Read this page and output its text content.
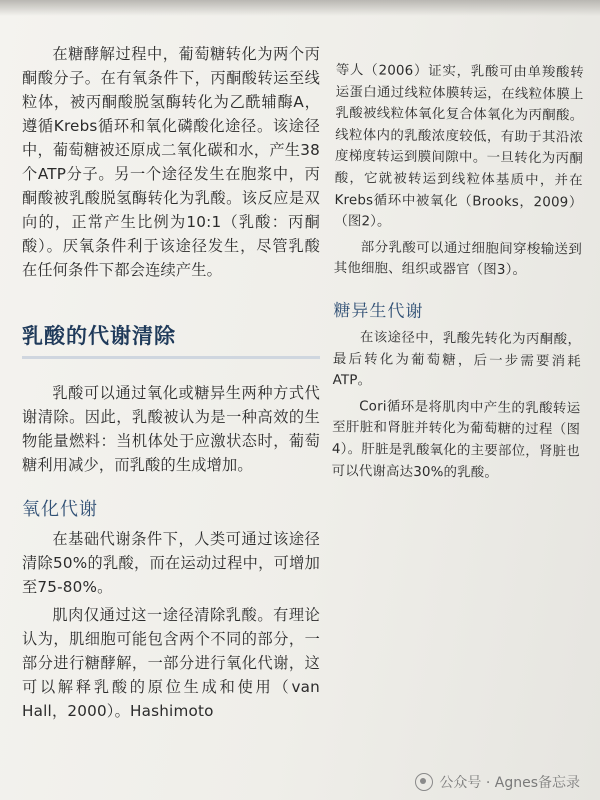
在糖酵解过程中，葡萄糖转化为两个丙酮酸分子。在有氧条件下，丙酮酸转运至线粒体，被丙酮酸脱氢酶转化为乙酰辅酶A，遵循Krebs循环和氧化磷酸化途径。该途径中，葡萄糖被还原成二氧化碳和水，产生38个ATP分子。另一个途径发生在胞浆中，丙酮酸被乳酸脱氢酶转化为乳酸。该反应是双向的，正常产生比例为10:1（乳酸：丙酮酸）。厌氧条件利于该途径发生，尽管乳酸在任何条件下都会连续产生。

乳酸的代谢清除

乳酸可以通过氧化或糖异生两种方式代谢清除。因此，乳酸被认为是一种高效的生物能量燃料：当机体处于应激状态时，葡萄糖利用减少，而乳酸的生成增加。

氧化代谢

在基础代谢条件下，人类可通过该途径清除50%的乳酸，而在运动过程中，可增加至75-80%。

肌肉仅通过这一途径清除乳酸。有理论认为，肌细胞可能包含两个不同的部分，一部分进行糖酵解，一部分进行氧化代谢，这可以解释乳酸的原位生成和使用（van Hall，2000）。Hashimoto

等人（2006）证实，乳酸可由单羧酸转运蛋白通过线粒体膜转运，在线粒体膜上乳酸被线粒体氧化复合体氧化为丙酮酸。线粒体内的乳酸浓度较低，有助于其沿浓度梯度转运到膜间隙中。一旦转化为丙酮酸，它就被转运到线粒体基质中，并在Krebs循环中被氧化（Brooks，2009）（图2）。

部分乳酸可以通过细胞间穿梭输送到其他细胞、组织或器官（图3）。

糖异生代谢

在该途径中，乳酸先转化为丙酮酸，最后转化为葡萄糖，后一步需要消耗ATP。

Cori循环是将肌肉中产生的乳酸转运至肝脏和肾脏并转化为葡萄糖的过程（图4）。肝脏是乳酸氧化的主要部位，肾脏也可以代谢高达30%的乳酸。

公众号 · Agnes备忘录
